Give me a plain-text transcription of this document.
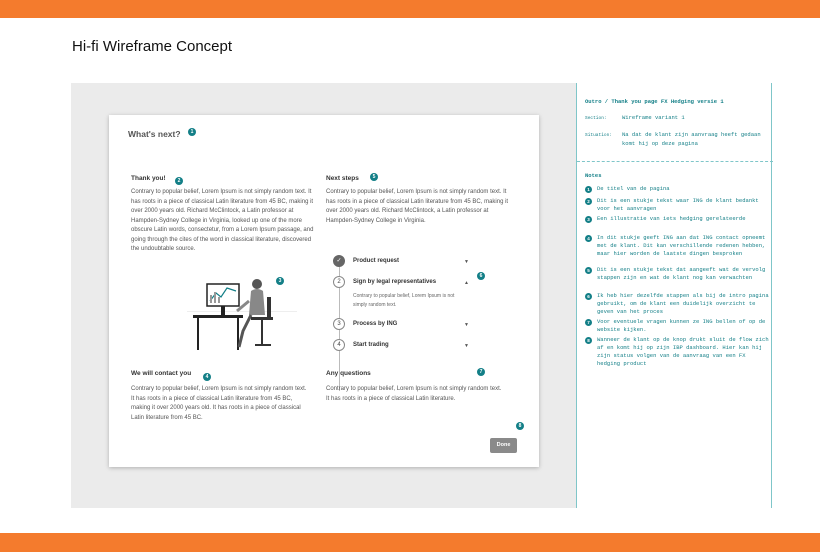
Hi-fi Wireframe Concept
What's next?	1
Thank you!	2
Contrary to popular belief, Lorem Ipsum is not simply random text. It has roots in a piece of classical Latin literature from 45 BC, making it over 2000 years old. Richard McClintock, a Latin professor at Hampden-Sydney College in Virginia, looked up one of the more obscure Latin words, consectetur, from a Lorem Ipsum passage, and going through the cites of the word in classical literature, discovered the undoubtable source.
Next steps	5
Contrary to popular belief, Lorem Ipsum is not simply random text. It has roots in a piece of classical Latin literature from 45 BC, making it over 2000 years old. Richard McClintock, a Latin professor at Hampden-Sydney College in Virginia.
3
✓	Product request	▼
2	Sign by legal representatives	▲
Contrary to popular belief, Lorem Ipsum is not simply random text.
3	Process by ING	▼
4	Start trading	▼
6
We will contact you	4
Contrary to popular belief, Lorem Ipsum is not simply random text. It has roots in a piece of classical Latin literature from 45 BC, making it over 2000 years old. It has roots in a piece of classical Latin literature from 45 BC.
Any questions	7
Contrary to popular belief, Lorem Ipsum is not simply random text. It has roots in a piece of classical Latin literature.
8
Done
Outro / Thank you page FX Hedging versie 1
Section:	Wireframe variant 1
Situation: Na dat de klant zijn aanvraag heeft gedaan komt hij op deze pagina
Notes
1	De titel van de pagina
2	Dit is een stukje tekst waar ING de klant bedankt voor het aanvragen
3	Een illustratie van iets hedging gerelateerde
4	In dit stukje geeft ING aan dat ING contact opneemt met de klant. Dit kan verschillende redenen hebben, maar hier worden de laatste dingen besproken
5	Dit is een stukje tekst dat aangeeft wat de vervolg stappen zijn en wat de klant nog kan verwachten
6	Ik heb hier dezelfde stappen als bij de intro pagina gebruikt, om de klant een duidelijk overzicht te geven van het proces
7	Voor eventuele vragen kunnen ze ING bellen of op de website kijken.
8	Wanneer de klant op de knop drukt sluit de flow zich af en komt hij op zijn IBP dashboard. Hier kan hij zijn status volgen van de aanvraag van een FX hedging product
